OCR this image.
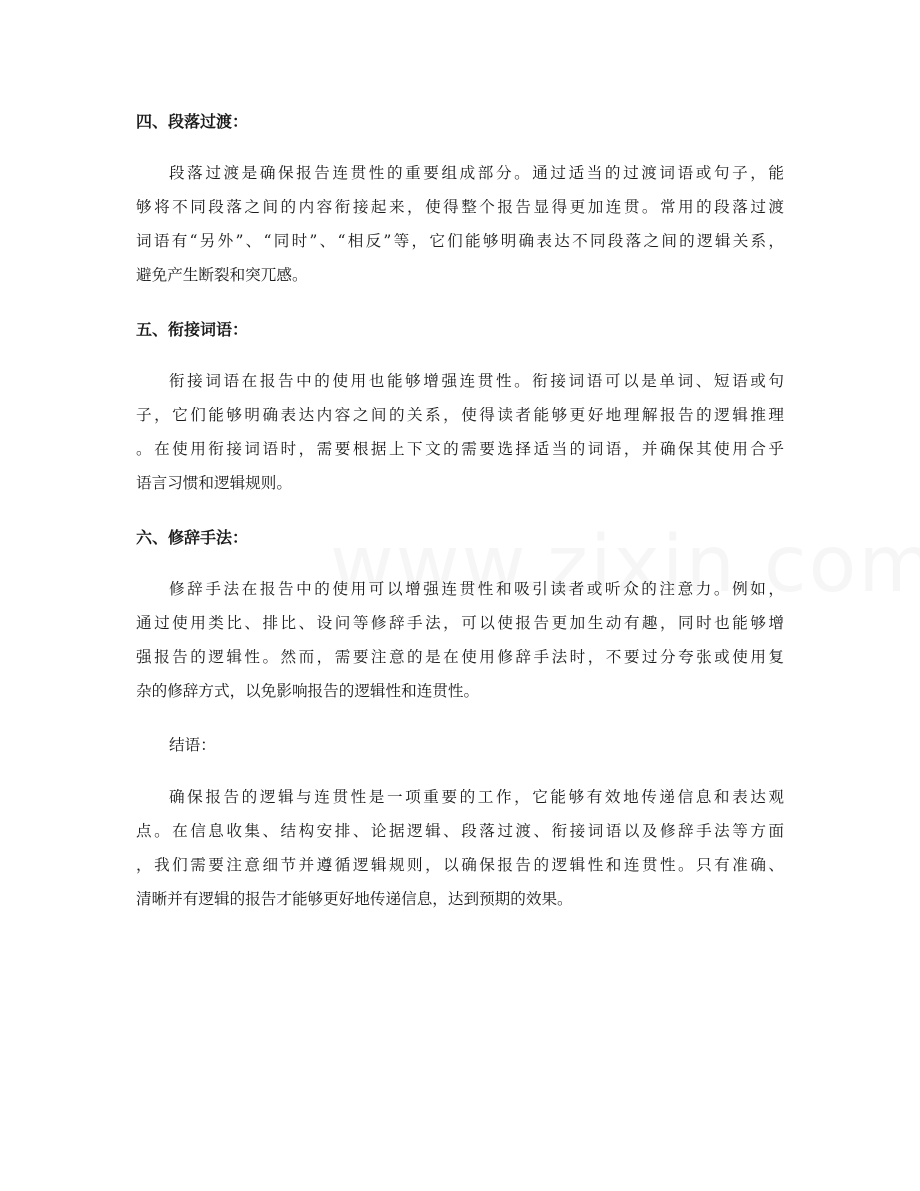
四、段落过渡：
段落过渡是确保报告连贯性的重要组成部分。通过适当的过渡词语或句子，能
够将不同段落之间的内容衔接起来，使得整个报告显得更加连贯。常用的段落过渡
词语有“另外”、“同时”、“相反”等，它们能够明确表达不同段落之间的逻辑关系，
避免产生断裂和突兀感。
五、衔接词语：
衔接词语在报告中的使用也能够增强连贯性。衔接词语可以是单词、短语或句
子，它们能够明确表达内容之间的关系，使得读者能够更好地理解报告的逻辑推理
。在使用衔接词语时，需要根据上下文的需要选择适当的词语，并确保其使用合乎
语言习惯和逻辑规则。
六、修辞手法：
修辞手法在报告中的使用可以增强连贯性和吸引读者或听众的注意力。例如，
通过使用类比、排比、设问等修辞手法，可以使报告更加生动有趣，同时也能够增
强报告的逻辑性。然而，需要注意的是在使用修辞手法时，不要过分夸张或使用复
杂的修辞方式，以免影响报告的逻辑性和连贯性。
结语：
确保报告的逻辑与连贯性是一项重要的工作，它能够有效地传递信息和表达观
点。在信息收集、结构安排、论据逻辑、段落过渡、衔接词语以及修辞手法等方面
，我们需要注意细节并遵循逻辑规则，以确保报告的逻辑性和连贯性。只有准确、
清晰并有逻辑的报告才能够更好地传递信息，达到预期的效果。
